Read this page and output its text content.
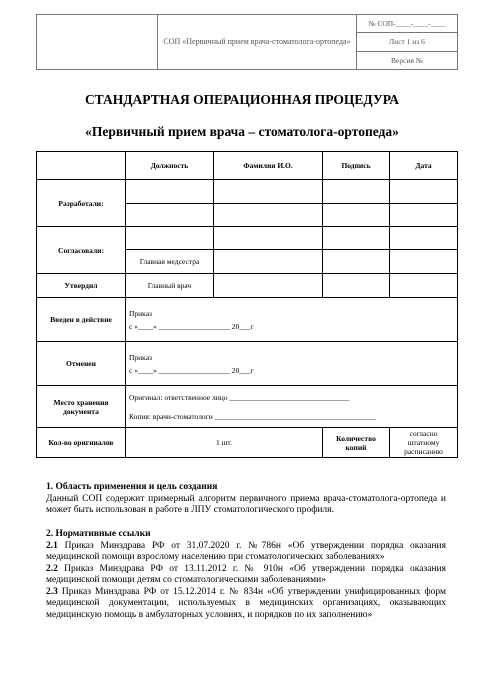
СОП «Первичный прием врача-стоматолога-ортопеда»
№ СОП-____-____-____
Лист 1 из 6
Версия №
СТАНДАРТНАЯ ОПЕРАЦИОННАЯ ПРОЦЕДУРА
«Первичный прием врача – стоматолога-ортопеда»
	Должность	Фамилия И.О.	Подпись	Дата
Разработали:				

Согласовали:				
	Главная медсестра			
Утвердил	Главный врач			
Введен в действие	Приказ
с «____» ___________________ 20___г			

Отменен	Приказ
с «____» ___________________ 20___г			

Место хранения документа	Оригинал: ответственное лицо ________________________________
Копия: врачи-стоматологи ___________________________________________			

Кол-во оригиналов	1 шт.		Количество копий	согласно штатному расписанию
1. Область применения и цель создания
Данный СОП содержит примерный алгоритм первичного приема врача-стоматолога-ортопеда и может быть использован в работе в ЛПУ стоматологического профиля.
2. Нормативные ссылки
2.1 Приказ Минздрава РФ от 31.07.2020 г. №786н «Об утверждении порядка оказания медицинской помощи взрослому населению при стоматологических заболеваниях»
2.2 Приказ Минздрава РФ от 13.11.2012 г. № 910н «Об утверждении порядка оказания медицинской помощи детям со стоматологическими заболеваниями»
2.3 Приказ Минздрава РФ от 15.12.2014 г. № 834н «Об утверждении унифицированных форм медицинской документации, используемых в медицинских организациях, оказывающих медицинскую помощь в амбулаторных условиях, и порядков по их заполнению»
